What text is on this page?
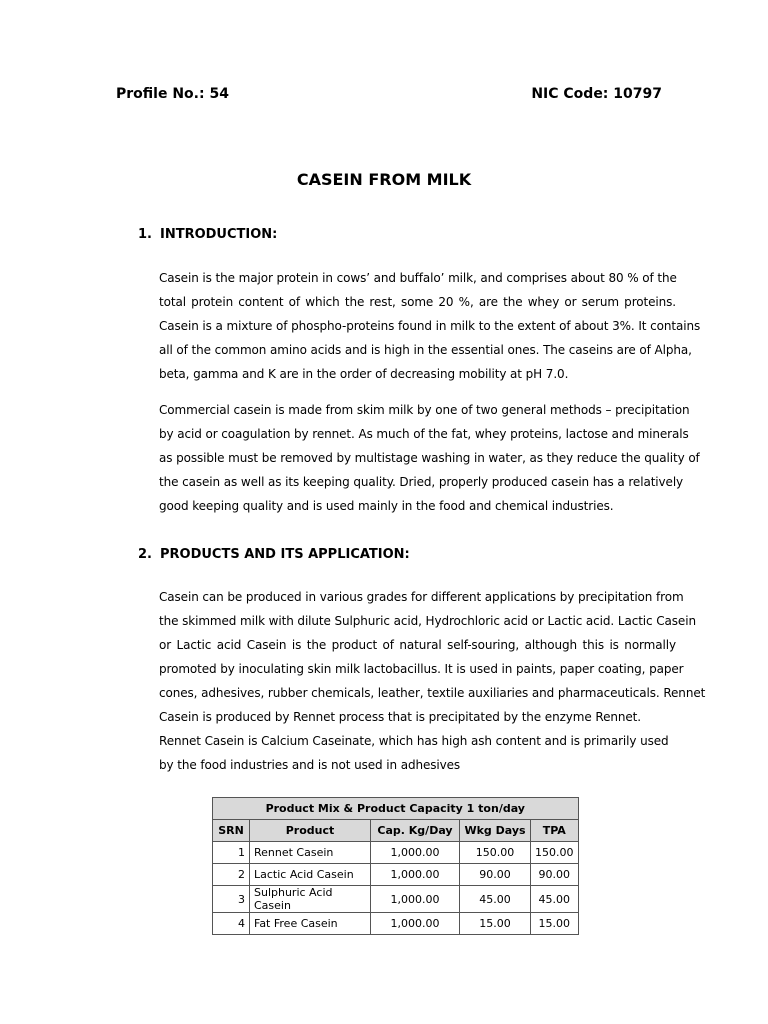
Profile No.: 54	NIC Code: 10797
CASEIN FROM MILK
1. INTRODUCTION:
Casein is the major protein in cows’ and buffalo’ milk, and comprises about 80 % of the
total protein content of which the rest, some 20 %, are the whey or serum proteins.
Casein is a mixture of phospho-proteins found in milk to the extent of about 3%. It contains
all of the common amino acids and is high in the essential ones. The caseins are of Alpha,
beta, gamma and K are in the order of decreasing mobility at pH 7.0.
Commercial casein is made from skim milk by one of two general methods – precipitation
by acid or coagulation by rennet. As much of the fat, whey proteins, lactose and minerals
as possible must be removed by multistage washing in water, as they reduce the quality of
the casein as well as its keeping quality. Dried, properly produced casein has a relatively
good keeping quality and is used mainly in the food and chemical industries.
2. PRODUCTS AND ITS APPLICATION:
Casein can be produced in various grades for different applications by precipitation from
the skimmed milk with dilute Sulphuric acid, Hydrochloric acid or Lactic acid. Lactic Casein
or Lactic acid Casein is the product of natural self-souring, although this is normally
promoted by inoculating skin milk lactobacillus. It is used in paints, paper coating, paper
cones, adhesives, rubber chemicals, leather, textile auxiliaries and pharmaceuticals. Rennet
Casein is produced by Rennet process that is precipitated by the enzyme Rennet.
Rennet Casein is Calcium Caseinate, which has high ash content and is primarily used
by the food industries and is not used in adhesives
Product Mix & Product Capacity 1 ton/day				
SRN	Product	Cap. Kg/Day	Wkg Days	TPA
1	Rennet Casein	1,000.00	150.00	150.00
2	Lactic Acid Casein	1,000.00	90.00	90.00
3	Sulphuric Acid Casein	1,000.00	45.00	45.00
4	Fat Free Casein	1,000.00	15.00	15.00
